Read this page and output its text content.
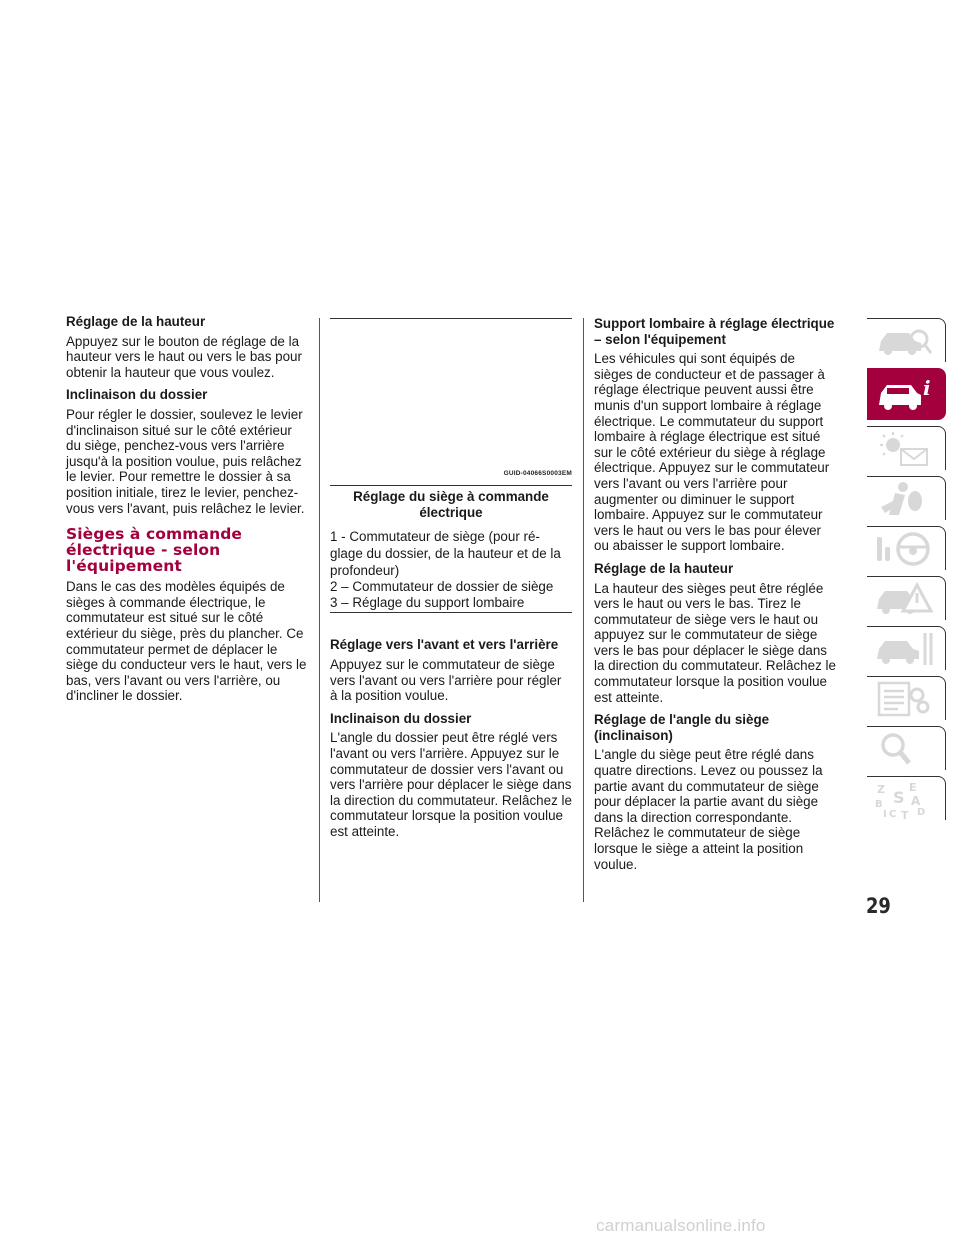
Réglage de la hauteur

Appuyez sur le bouton de réglage de la hauteur vers le haut ou vers le bas pour obtenir la hauteur que vous voulez.

Inclinaison du dossier

Pour régler le dossier, soulevez le levier d'inclinaison situé sur le côté extérieur du siège, penchez-vous vers l'arrière jusqu'à la position voulue, puis relâchez le levier. Pour remettre le dossier à sa position initiale, tirez le levier, penchez-vous vers l'avant, puis relâchez le levier.

Sièges à commande électrique - selon l'équipement

Dans le cas des modèles équipés de sièges à commande électrique, le commutateur est situé sur le côté extérieur du siège, près du plancher. Ce commutateur permet de déplacer le siège du conducteur vers le haut, vers le bas, vers l'avant ou vers l'arrière, ou d'incliner le dossier.

GUID-04066S0003EM
Réglage du siège à commande électrique

1 - Commutateur de siège (pour ré-glage du dossier, de la hauteur et de la profondeur)

2 – Commutateur de dossier de siège

3 – Réglage du support lombaire

Réglage vers l'avant et vers l'arrière

Appuyez sur le commutateur de siège vers l'avant ou vers l'arrière pour régler à la position voulue.

Inclinaison du dossier

L'angle du dossier peut être réglé vers l'avant ou vers l'arrière. Appuyez sur le commutateur de dossier vers l'avant ou vers l'arrière pour déplacer le siège dans la direction du commutateur. Relâchez le commutateur lorsque la position voulue est atteinte.

Support lombaire à réglage électrique – selon l'équipement

Les véhicules qui sont équipés de sièges de conducteur et de passager à réglage électrique peuvent aussi être munis d'un support lombaire à réglage électrique. Le commutateur du support lombaire à réglage électrique est situé sur le côté extérieur du siège à réglage électrique. Appuyez sur le commutateur vers l'avant ou vers l'arrière pour augmenter ou diminuer le support lombaire. Appuyez sur le commutateur vers le haut ou vers le bas pour élever ou abaisser le support lombaire.

Réglage de la hauteur

La hauteur des sièges peut être réglée vers le haut ou vers le bas. Tirez le commutateur de siège vers le haut ou appuyez sur le commutateur de siège vers le bas pour déplacer le siège dans la direction du commutateur. Relâchez le commutateur lorsque la position voulue est atteinte.

Réglage de l'angle du siège (inclinaison)

L'angle du siège peut être réglé dans quatre directions. Levez ou poussez la partie avant du commutateur de siège pour déplacer la partie avant du siège dans la direction correspondante. Relâchez le commutateur de siège lorsque le siège a atteint la position voulue.

i
Z E
B S A
I C T D
29
carmanualsonline.info
